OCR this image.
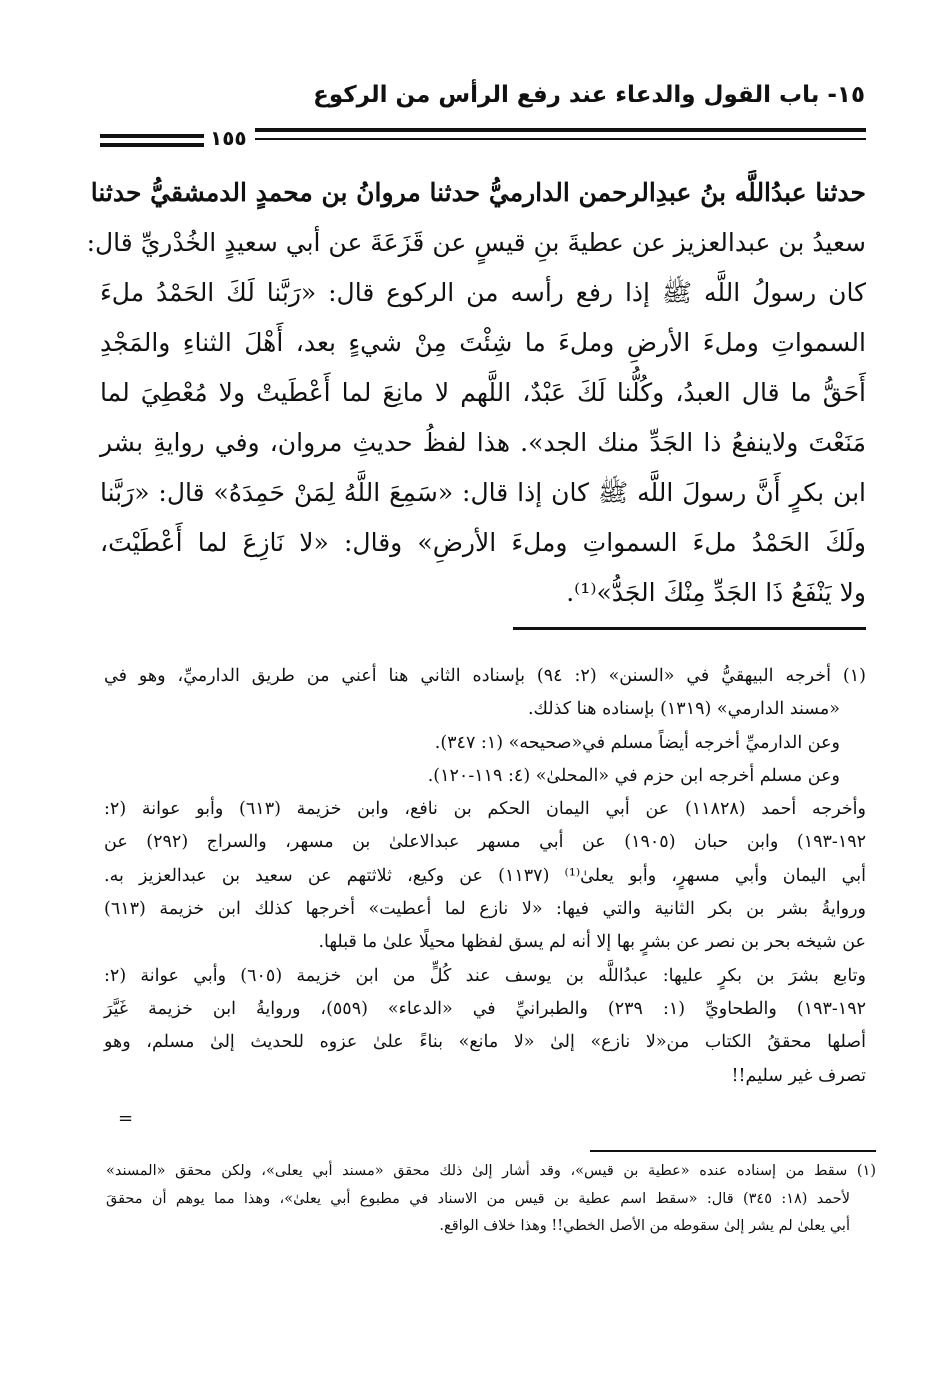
١٥- باب القول والدعاء عند رفع الرأس من الركوع
١٥٥
حدثنا عبدُاللَّه بنُ عبدِالرحمن الدارميُّ حدثنا مروانُ بن محمدٍ الدمشقيُّ حدثنا
سعيدُ بن عبدالعزيز عن عطيةَ بنِ قيسٍ عن قَزَعَةَ عن أبي سعيدٍ الخُدْريِّ قال:
كان رسولُ اللَّه ﷺ إذا رفع رأسه من الركوع قال: «رَبَّنا لَكَ الحَمْدُ ملءَ
السمواتِ وملءَ الأرضِ وملءَ ما شِئْتَ مِنْ شيءٍ بعد، أَهْلَ الثناءِ والمَجْدِ
أَحَقُّ ما قال العبدُ، وكُلُّنا لَكَ عَبْدٌ، اللَّهم لا مانِعَ لما أَعْطَيتْ ولا مُعْطِيَ لما
مَنَعْتَ ولاينفعُ ذا الجَدِّ منك الجد». هذا لفظُ حديثِ مروان، وفي روايةِ بشر
ابن بكرٍ أَنَّ رسولَ اللَّه ﷺ كان إذا قال: «سَمِعَ اللَّهُ لِمَنْ حَمِدَهُ» قال: «رَبَّنا
ولَكَ الحَمْدُ ملءَ السمواتِ وملءَ الأرضِ» وقال: «لا نَازِعَ لما أَعْطَيْتَ،
ولا يَنْفَعُ ذَا الجَدِّ مِنْكَ الجَدُّ»⁽¹⁾.
(١) أخرجه البيهقيُّ في «السنن» (٢: ٩٤) بإسناده الثاني هنا أعني من طريق الدارميِّ، وهو في
«مسند الدارمي» (١٣١٩) بإسناده هنا كذلك.
وعن الدارميِّ أخرجه أيضاً مسلم في«صحيحه» (١: ٣٤٧).
وعن مسلم أخرجه ابن حزم في «المحلىٰ» (٤: ١١٩-١٢٠).
وأخرجه أحمد (١١٨٢٨) عن أبي اليمان الحكم بن نافع، وابن خزيمة (٦١٣) وأبو عوانة (٢:
١٩٢-١٩٣) وابن حبان (١٩٠٥) عن أبي مسهر عبدالاعلىٰ بن مسهر، والسراج (٢٩٢) عن
أبي اليمان وأبي مسهرٍ، وأبو يعلىٰ⁽¹⁾ (١١٣٧) عن وكيع، ثلاثتهم عن سعيد بن عبدالعزيز به.
وروايةُ بشر بن بكر الثانية والتي فيها: «لا نازع لما أعطيت» أخرجها كذلك ابن خزيمة (٦١٣)
عن شيخه بحر بن نصر عن بشرٍ بها إلا أنه لم يسق لفظها محيلًا علىٰ ما قبلها.
وتابع بشرَ بن بكرٍ عليها: عبدُاللَّه بن يوسف عند كُلٍّ من ابن خزيمة (٦٠٥) وأبي عوانة (٢:
١٩٢-١٩٣) والطحاويِّ (١: ٢٣٩) والطبرانيِّ في «الدعاء» (٥٥٩)، وروايةُ ابن خزيمة غَيَّرَ
أصلها محققُ الكتاب من«لا نازع» إلىٰ «لا مانع» بناءً علىٰ عزوه للحديث إلىٰ مسلم، وهو
تصرف غير سليم!!
=
(١) سقط من إسناده عنده «عطية بن قيس»، وقد أشار إلىٰ ذلك محقق «مسند أبي يعلى»، ولكن محقق «المسند»
لأحمد (١٨: ٣٤٥) قال: «سقط اسم عطية بن قيس من الاسناد في مطبوع أبي يعلىٰ»، وهذا مما يوهم أن محققَ
أبي يعلىٰ لم يشر إلىٰ سقوطه من الأصل الخطي!! وهذا خلاف الواقع.
